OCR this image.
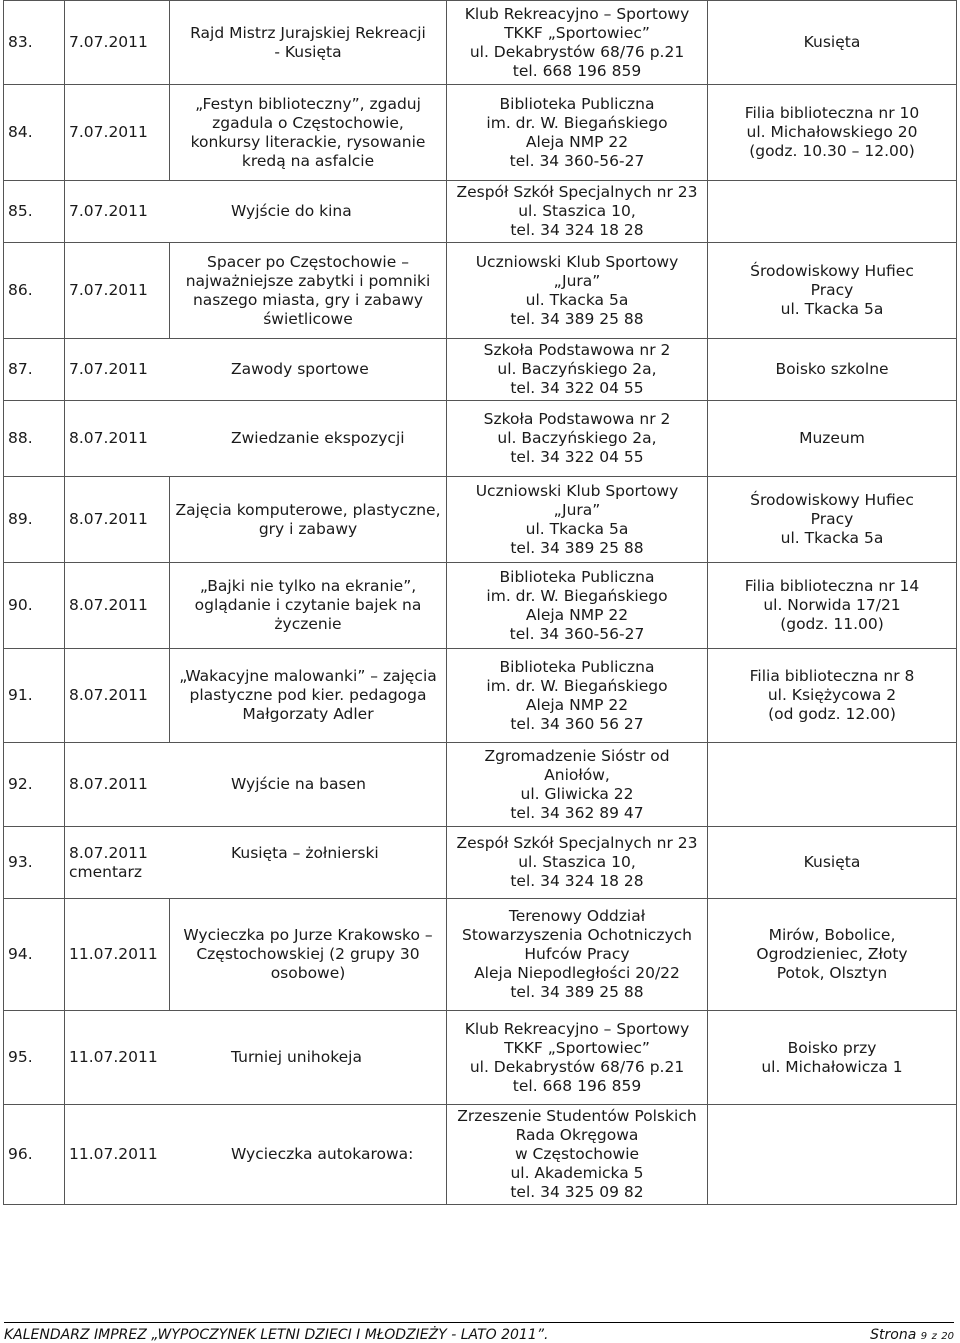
83.	7.07.2011	Rajd Mistrz Jurajskiej Rekreacji
- Kusięta	Klub Rekreacyjno – Sportowy
TKKF „Sportowiec”
ul. Dekabrystów 68/76 p.21
tel. 668 196 859	Kusięta

84.	7.07.2011	„Festyn biblioteczny”, zgaduj
zgadula o Częstochowie,
konkursy literackie, rysowanie
kredą na asfalcie	Biblioteka Publiczna
im. dr. W. Biegańskiego
Aleja NMP 22
tel. 34 360-56-27	Filia biblioteczna nr 10
ul. Michałowskiego 20
(godz. 10.30 – 12.00)

85.	7.07.2011 Wyjście do kina		Zespół Szkół Specjalnych nr 23
ul. Staszica 10,
tel. 34 324 18 28	

86.	7.07.2011	Spacer po Częstochowie –
najważniejsze zabytki i pomniki
naszego miasta, gry i zabawy
świetlicowe	Uczniowski Klub Sportowy
„Jura”
ul. Tkacka 5a
tel. 34 389 25 88	Środowiskowy Hufiec
Pracy
ul. Tkacka 5a

87.	7.07.2011 Zawody sportowe		Szkoła Podstawowa nr 2
ul. Baczyńskiego 2a,
tel. 34 322 04 55	Boisko szkolne

88.	8.07.2011 Zwiedzanie ekspozycji		Szkoła Podstawowa nr 2
ul. Baczyńskiego 2a,
tel. 34 322 04 55	Muzeum

89.	8.07.2011	Zajęcia komputerowe, plastyczne,
gry i zabawy	Uczniowski Klub Sportowy
„Jura”
ul. Tkacka 5a
tel. 34 389 25 88	Środowiskowy Hufiec
Pracy
ul. Tkacka 5a

90.	8.07.2011	„Bajki nie tylko na ekranie”,
oglądanie i czytanie bajek na
życzenie	Biblioteka Publiczna
im. dr. W. Biegańskiego
Aleja NMP 22
tel. 34 360-56-27	Filia biblioteczna nr 14
ul. Norwida 17/21
(godz. 11.00)

91.	8.07.2011	„Wakacyjne malowanki” – zajęcia
plastyczne pod kier. pedagoga
Małgorzaty Adler	Biblioteka Publiczna
im. dr. W. Biegańskiego
Aleja NMP 22
tel. 34 360 56 27	Filia biblioteczna nr 8
ul. Księżycowa 2
(od godz. 12.00)

92.	8.07.2011 Wyjście na basen		Zgromadzenie Sióstr od
Aniołów,
ul. Gliwicka 22
tel. 34 362 89 47	

93.	8.07.2011 Kusięta – żołnierski cmentarz		Zespół Szkół Specjalnych nr 23
ul. Staszica 10,
tel. 34 324 18 28	Kusięta

94.	11.07.2011	Wycieczka po Jurze Krakowsko –
Częstochowskiej (2 grupy 30
osobowe)	Terenowy Oddział
Stowarzyszenia Ochotniczych
Hufców Pracy
Aleja Niepodległości 20/22
tel. 34 389 25 88	Mirów, Bobolice,
Ogrodzieniec, Złoty
Potok, Olsztyn

95.	11.07.2011 Turniej unihokeja		Klub Rekreacyjno – Sportowy
TKKF „Sportowiec”
ul. Dekabrystów 68/76 p.21
tel. 668 196 859	Boisko przy
ul. Michałowicza 1

96.	11.07.2011 Wycieczka autokarowa:		Zrzeszenie Studentów Polskich
Rada Okręgowa
w Częstochowie
ul. Akademicka 5
tel. 34 325 09 82	

KALENDARZ IMPREZ „WYPOCZYNEK LETNI DZIECI I MŁODZIEŻY - LATO 2011”.	Strona 9 z 20
